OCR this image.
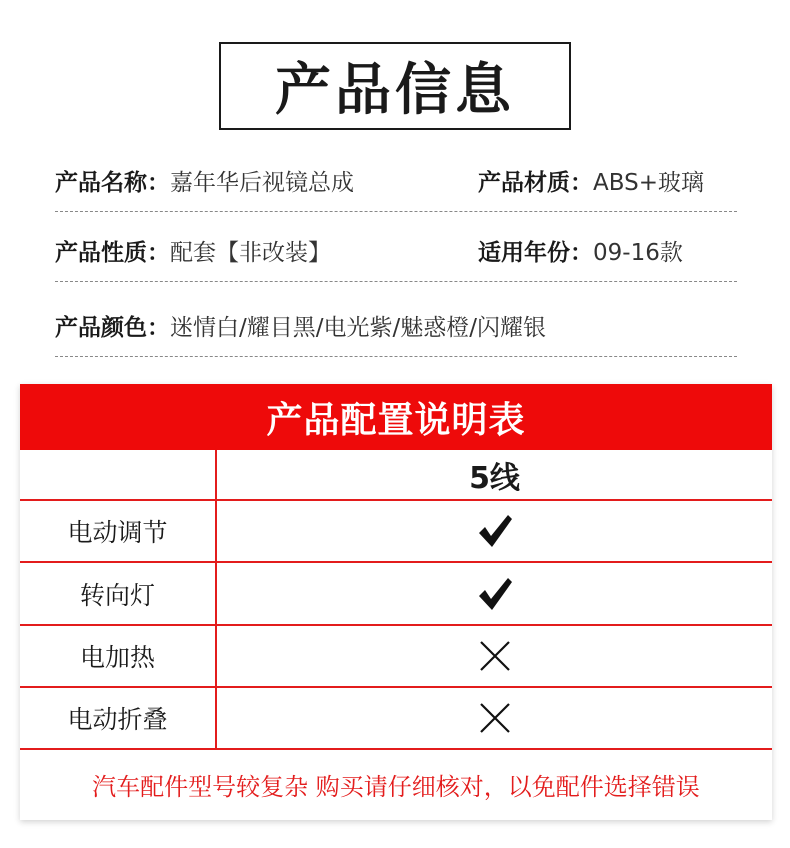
产品信息
产品名称： 嘉年华后视镜总成	产品材质： ABS+玻璃
产品性质： 配套【非改装】	适用年份： 09-16款
产品颜色： 迷情白/耀目黑/电光紫/魅惑橙/闪耀银
产品配置说明表
5线
电动调节
转向灯
电加热
电动折叠
汽车配件型号较复杂 购买请仔细核对，以免配件选择错误
